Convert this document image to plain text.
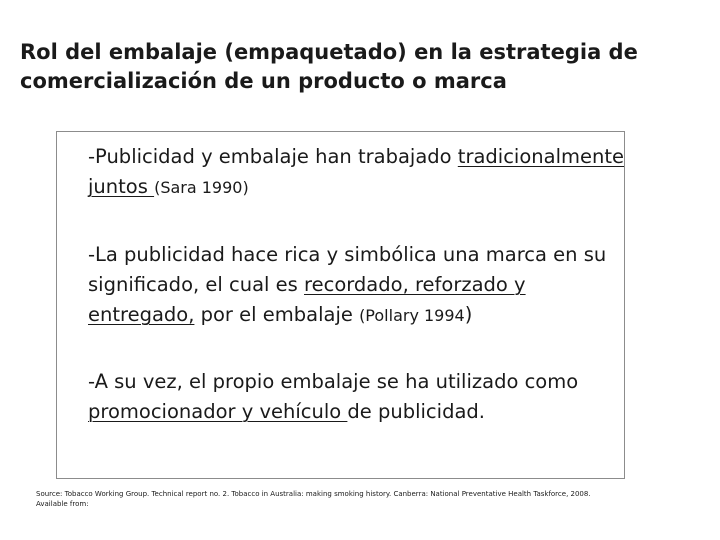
Rol del embalaje (empaquetado) en la estrategia de comercialización de un producto o marca

-Publicidad y embalaje han trabajado tradicionalmente juntos (Sara 1990)

-La publicidad hace rica y simbólica una marca en su significado, el cual es recordado, reforzado y entregado, por el embalaje (Pollary 1994)

-A su vez, el propio embalaje se ha utilizado como promocionador y vehículo de publicidad.

Source: Tobacco Working Group. Technical report no. 2. Tobacco in Australia: making smoking history. Canberra: National Preventative Health Taskforce, 2008. Available from:
